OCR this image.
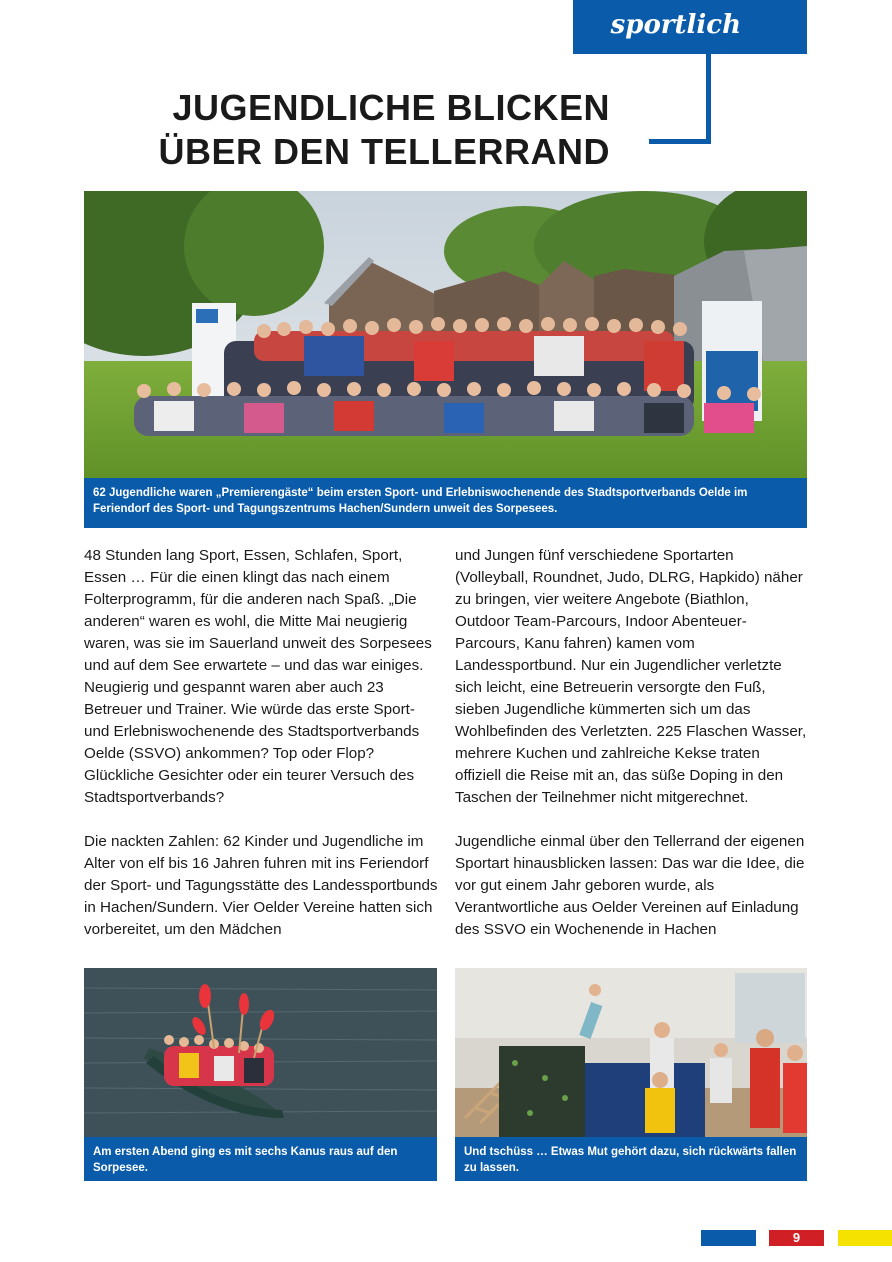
sportlich
JUGENDLICHE BLICKEN
ÜBER DEN TELLERRAND
62 Jugendliche waren „Premierengäste“ beim ersten Sport- und Erlebniswochenende des Stadtsportverbands Oelde im
Feriendorf des Sport- und Tagungszentrums Hachen/Sundern unweit des Sorpesees.

48 Stunden lang Sport, Essen, Schlafen, Sport, Essen … Für die einen klingt das nach einem Folterprogramm, für die anderen nach Spaß. „Die anderen“ waren es wohl, die Mitte Mai neugierig waren, was sie im Sauerland unweit des Sorpesees und auf dem See erwartete – und das war einiges. Neugierig und gespannt waren aber auch 23 Betreuer und Trainer. Wie würde das erste Sport- und Erlebniswochenende des Stadtsportverbands Oelde (SSVO) ankommen? Top oder Flop? Glückliche Gesichter oder ein teurer Versuch des Stadtsportverbands?

Die nackten Zahlen: 62 Kinder und Jugendliche im Alter von elf bis 16 Jahren fuhren mit ins Feriendorf der Sport- und Tagungsstätte des Landessportbunds in Hachen/Sundern. Vier Oelder Vereine hatten sich vorbereitet, um den Mädchen

und Jungen fünf verschiedene Sportarten (Volleyball, Roundnet, Judo, DLRG, Hapkido) näher zu bringen, vier weitere Angebote (Biathlon, Outdoor Team-Parcours, Indoor Abenteuer-Parcours, Kanu fahren) kamen vom Landessportbund. Nur ein Jugendlicher verletzte sich leicht, eine Betreuerin versorgte den Fuß, sieben Jugendliche kümmerten sich um das Wohlbefinden des Verletzten. 225 Flaschen Wasser, mehrere Kuchen und zahlreiche Kekse traten offiziell die Reise mit an, das süße Doping in den Taschen der Teilnehmer nicht mitgerechnet.

Jugendliche einmal über den Tellerrand der eigenen Sportart hinausblicken lassen: Das war die Idee, die vor gut einem Jahr geboren wurde, als Verantwortliche aus Oelder Vereinen auf Einladung des SSVO ein Wochenende in Hachen

Am ersten Abend ging es mit sechs Kanus raus auf den Sorpesee.
Und tschüss … Etwas Mut gehört dazu, sich rückwärts fallen zu lassen.
9
